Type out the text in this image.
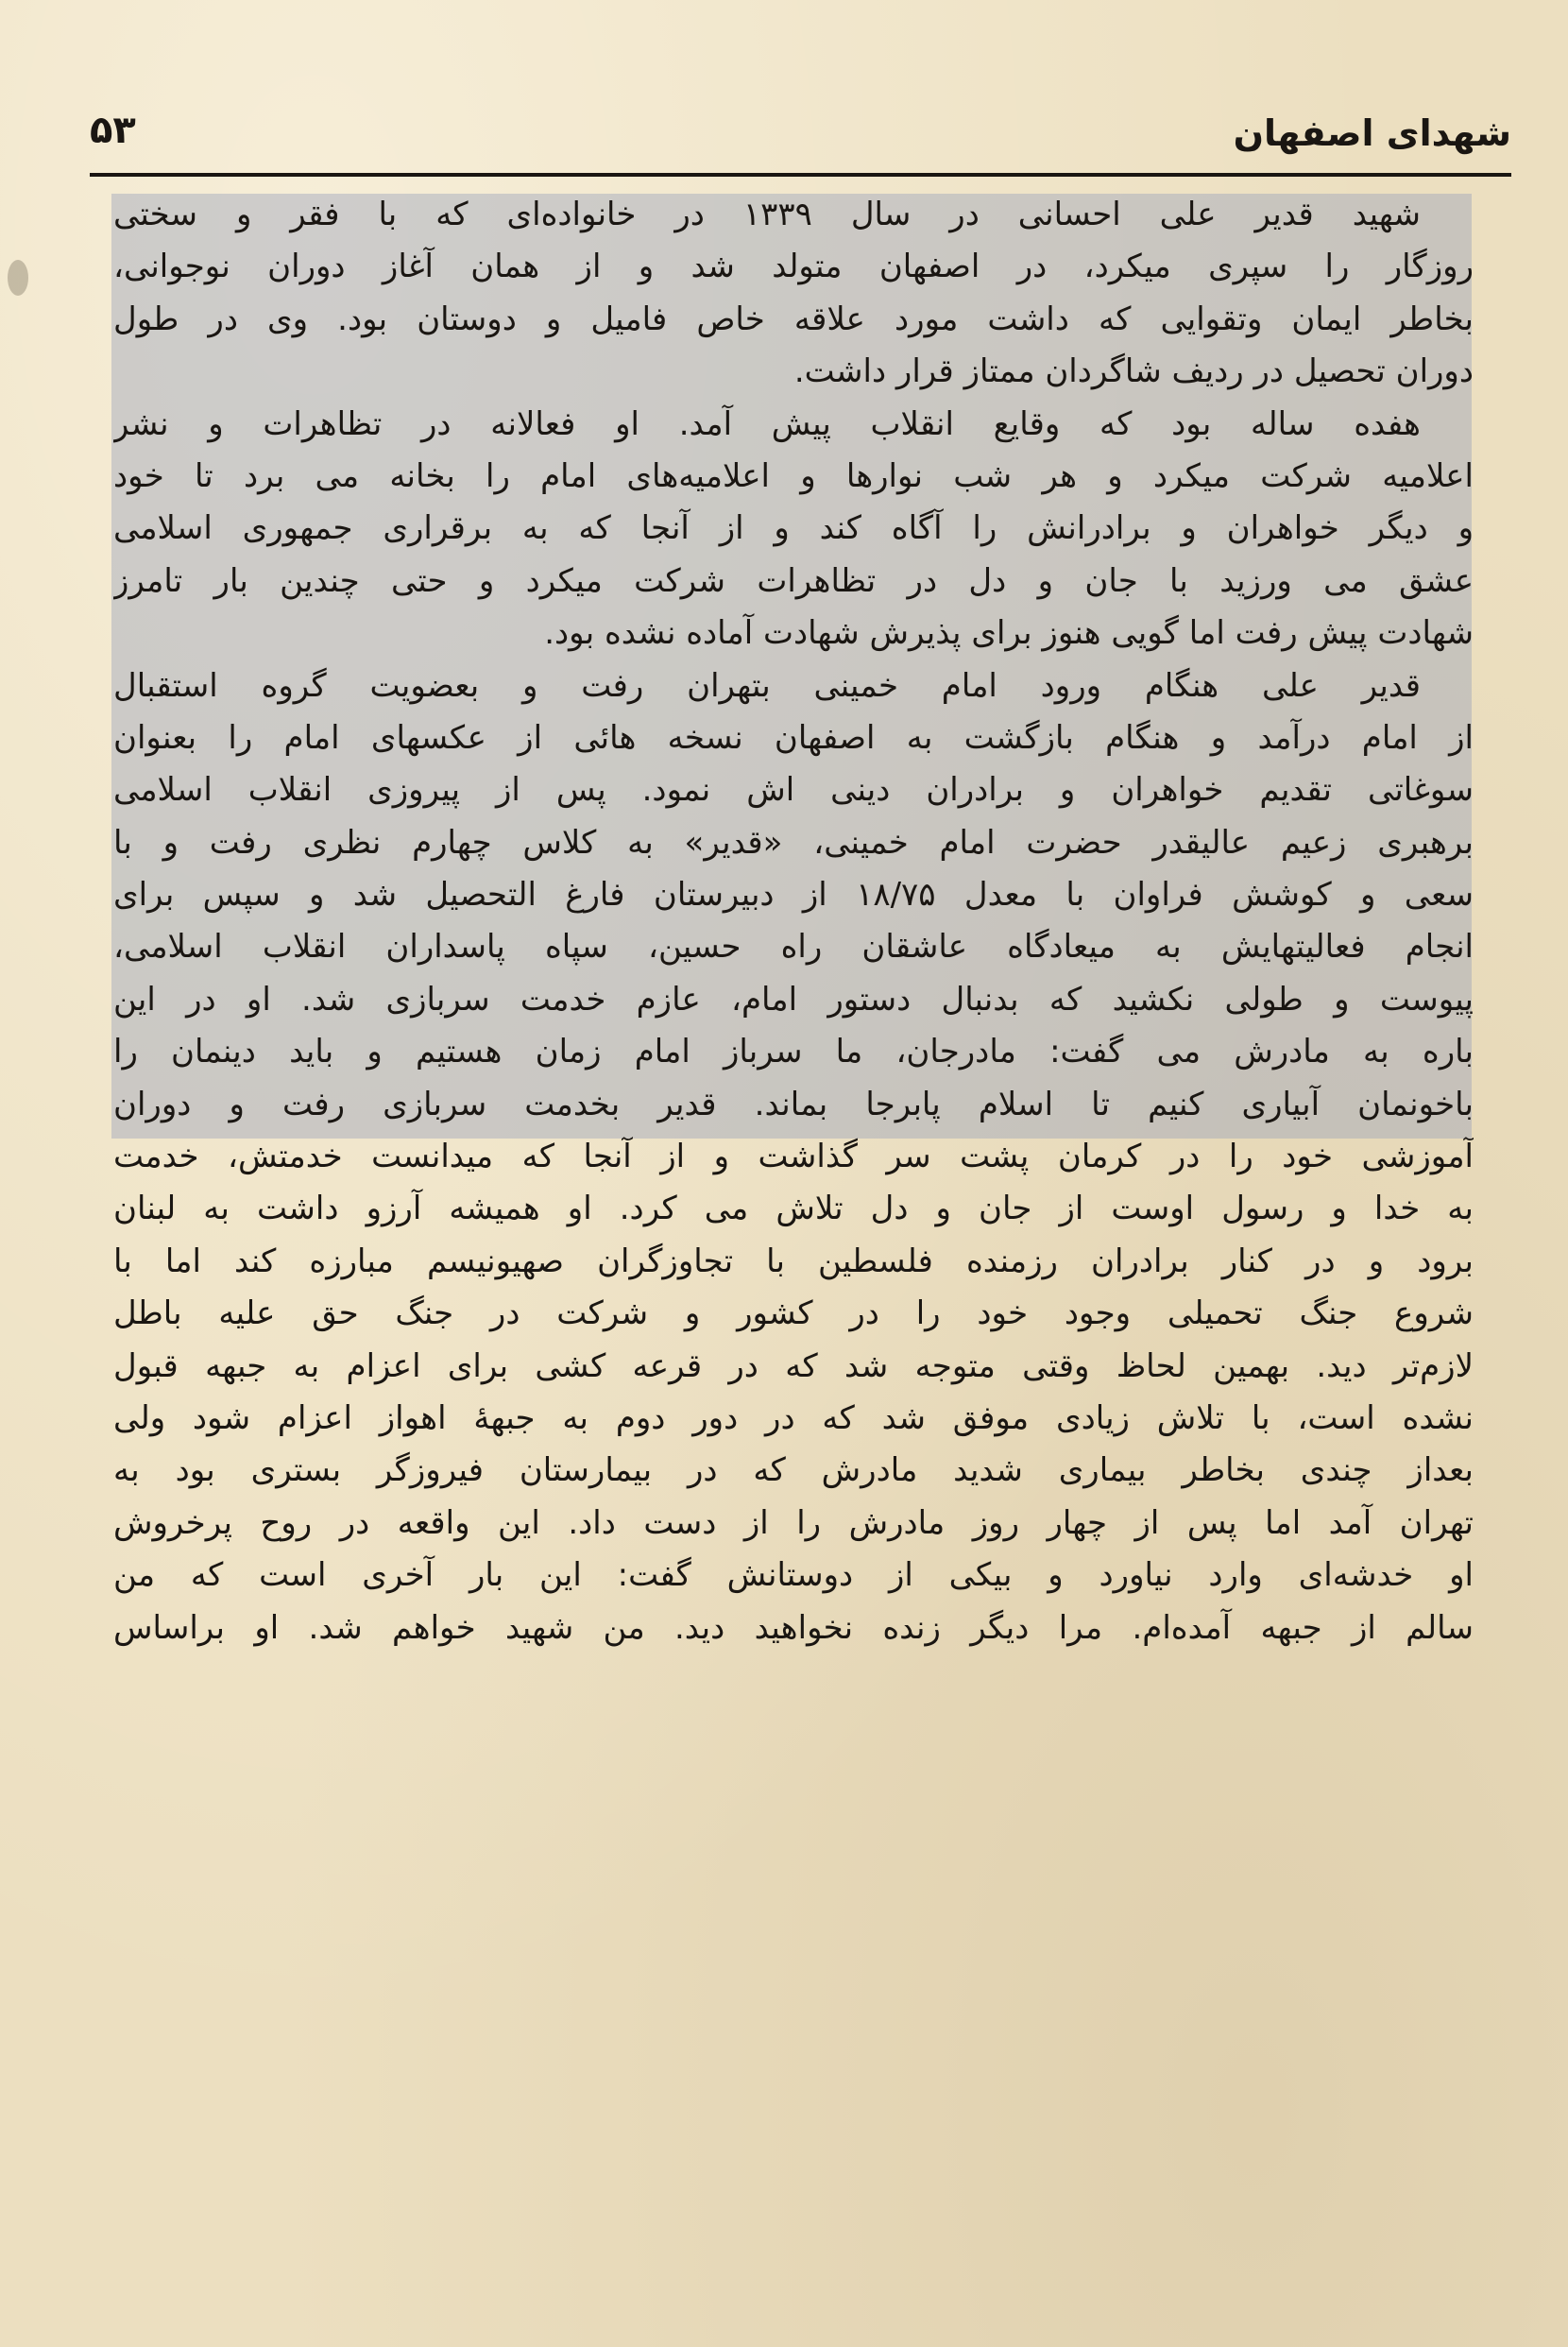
شهدای اصفهان
۵۳
شهید قدیر علی احسانی در سال ۱۳۳۹ در خانواده‌ای که با فقر و سختی
روزگار را سپری میکرد، در اصفهان متولد شد و از همان آغاز دوران نوجوانی،
بخاطر ایمان وتقوایی که داشت مورد علاقه خاص فامیل و دوستان بود. وی در طول
دوران تحصیل در ردیف شاگردان ممتاز قرار داشت.
هفده ساله بود که وقایع انقلاب پیش آمد. او فعالانه در تظاهرات و نشر
اعلامیه شرکت میکرد و هر شب نوارها و اعلامیه‌های امام را بخانه می برد تا خود
و دیگر خواهران و برادرانش را آگاه کند و از آنجا که به برقراری جمهوری اسلامی
عشق می ورزید با جان و دل در تظاهرات شرکت میکرد و حتی چندین بار تامرز
شهادت پیش رفت اما گویی هنوز برای پذیرش شهادت آماده نشده بود.
قدیر علی هنگام ورود امام خمینی بتهران رفت و بعضویت گروه استقبال
از امام درآمد و هنگام بازگشت به اصفهان نسخه هائی از عکسهای امام را بعنوان
سوغاتی تقدیم خواهران و برادران دینی اش نمود. پس از پیروزی انقلاب اسلامی
برهبری زعیم عالیقدر حضرت امام خمینی، «قدیر» به کلاس چهارم نظری رفت و با
سعی و کوشش فراوان با معدل ۱۸/۷۵ از دبیرستان فارغ التحصیل شد و سپس برای
انجام فعالیتهایش به میعادگاه عاشقان راه حسین، سپاه پاسداران انقلاب اسلامی،
پیوست و طولی نکشید که بدنبال دستور امام، عازم خدمت سربازی شد. او در این
باره به مادرش می گفت: مادرجان، ما سرباز امام زمان هستیم و باید دینمان را
باخونمان آبیاری کنیم تا اسلام پابرجا بماند. قدیر بخدمت سربازی رفت و دوران
آموزشی خود را در کرمان پشت سر گذاشت و از آنجا که میدانست خدمتش، خدمت
به خدا و رسول اوست از جان و دل تلاش می کرد. او همیشه آرزو داشت به لبنان
برود و در کنار برادران رزمنده فلسطین با تجاوزگران صهیونیسم مبارزه کند اما با
شروع جنگ تحمیلی وجود خود را در کشور و شرکت در جنگ حق علیه باطل
لازم‌تر دید. بهمین لحاظ وقتی متوجه شد که در قرعه کشی برای اعزام به جبهه قبول
نشده است، با تلاش زیادی موفق شد که در دور دوم به جبههٔ اهواز اعزام شود ولی
بعداز چندی بخاطر بیماری شدید مادرش که در بیمارستان فیروزگر بستری بود به
تهران آمد اما پس از چهار روز مادرش را از دست داد. این واقعه در روح پرخروش
او خدشه‌ای وارد نیاورد و بیکی از دوستانش گفت: این بار آخری است که من
سالم از جبهه آمده‌ام. مرا دیگر زنده نخواهید دید. من شهید خواهم شد. او براساس
